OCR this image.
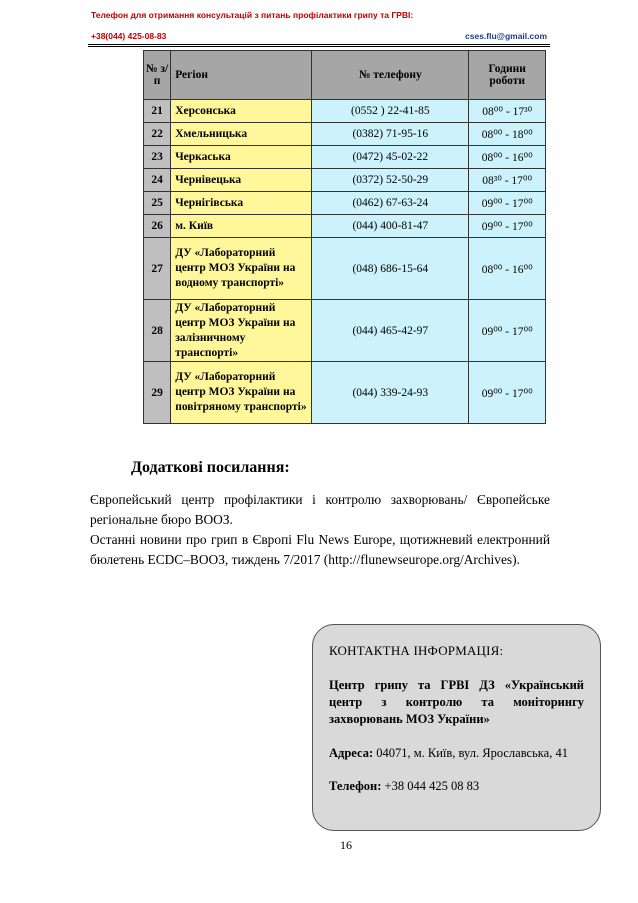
Телефон для отримання консультацій з питань профілактики грипу та ГРВІ:
+38(044) 425-08-83	cses.flu@gmail.com
№ з/п	Регіон	№ телефону	Години роботи
21	Херсонська	(0552 ) 22-41-85	08⁰⁰ - 17³⁰
22	Хмельницька	(0382) 71-95-16	08⁰⁰ - 18⁰⁰
23	Черкаська	(0472) 45-02-22	08⁰⁰ - 16⁰⁰
24	Чернівецька	(0372) 52-50-29	08³⁰ - 17⁰⁰
25	Чернігівська	(0462) 67-63-24	09⁰⁰ - 17⁰⁰
26	м. Київ	(044) 400-81-47	09⁰⁰ - 17⁰⁰
27	ДУ «Лабораторний центр МОЗ України на водному транспорті»	(048) 686-15-64	08⁰⁰ - 16⁰⁰
28	ДУ «Лабораторний центр МОЗ України на залізничному транспорті»	(044) 465-42-97	09⁰⁰ - 17⁰⁰
29	ДУ «Лабораторний центр МОЗ України на повітряному транспорті»	(044) 339-24-93	09⁰⁰ - 17⁰⁰
Додаткові посилання:

Європейський центр профілактики і контролю захворювань/ Європейське регіональне бюро ВООЗ.

Останні новини про грип в Європі Flu News Europe, щотижневий електронний бюлетень ECDC–ВООЗ, тиждень 7/2017 (http://flunewseurope.org/Archives).

КОНТАКТНА ІНФОРМАЦІЯ:
Центр грипу та ГРВІ ДЗ «Український центр з контролю та моніторингу захворювань МОЗ України»
Адреса: 04071, м. Київ, вул. Ярославська, 41
Телефон: +38 044 425 08 83
16
